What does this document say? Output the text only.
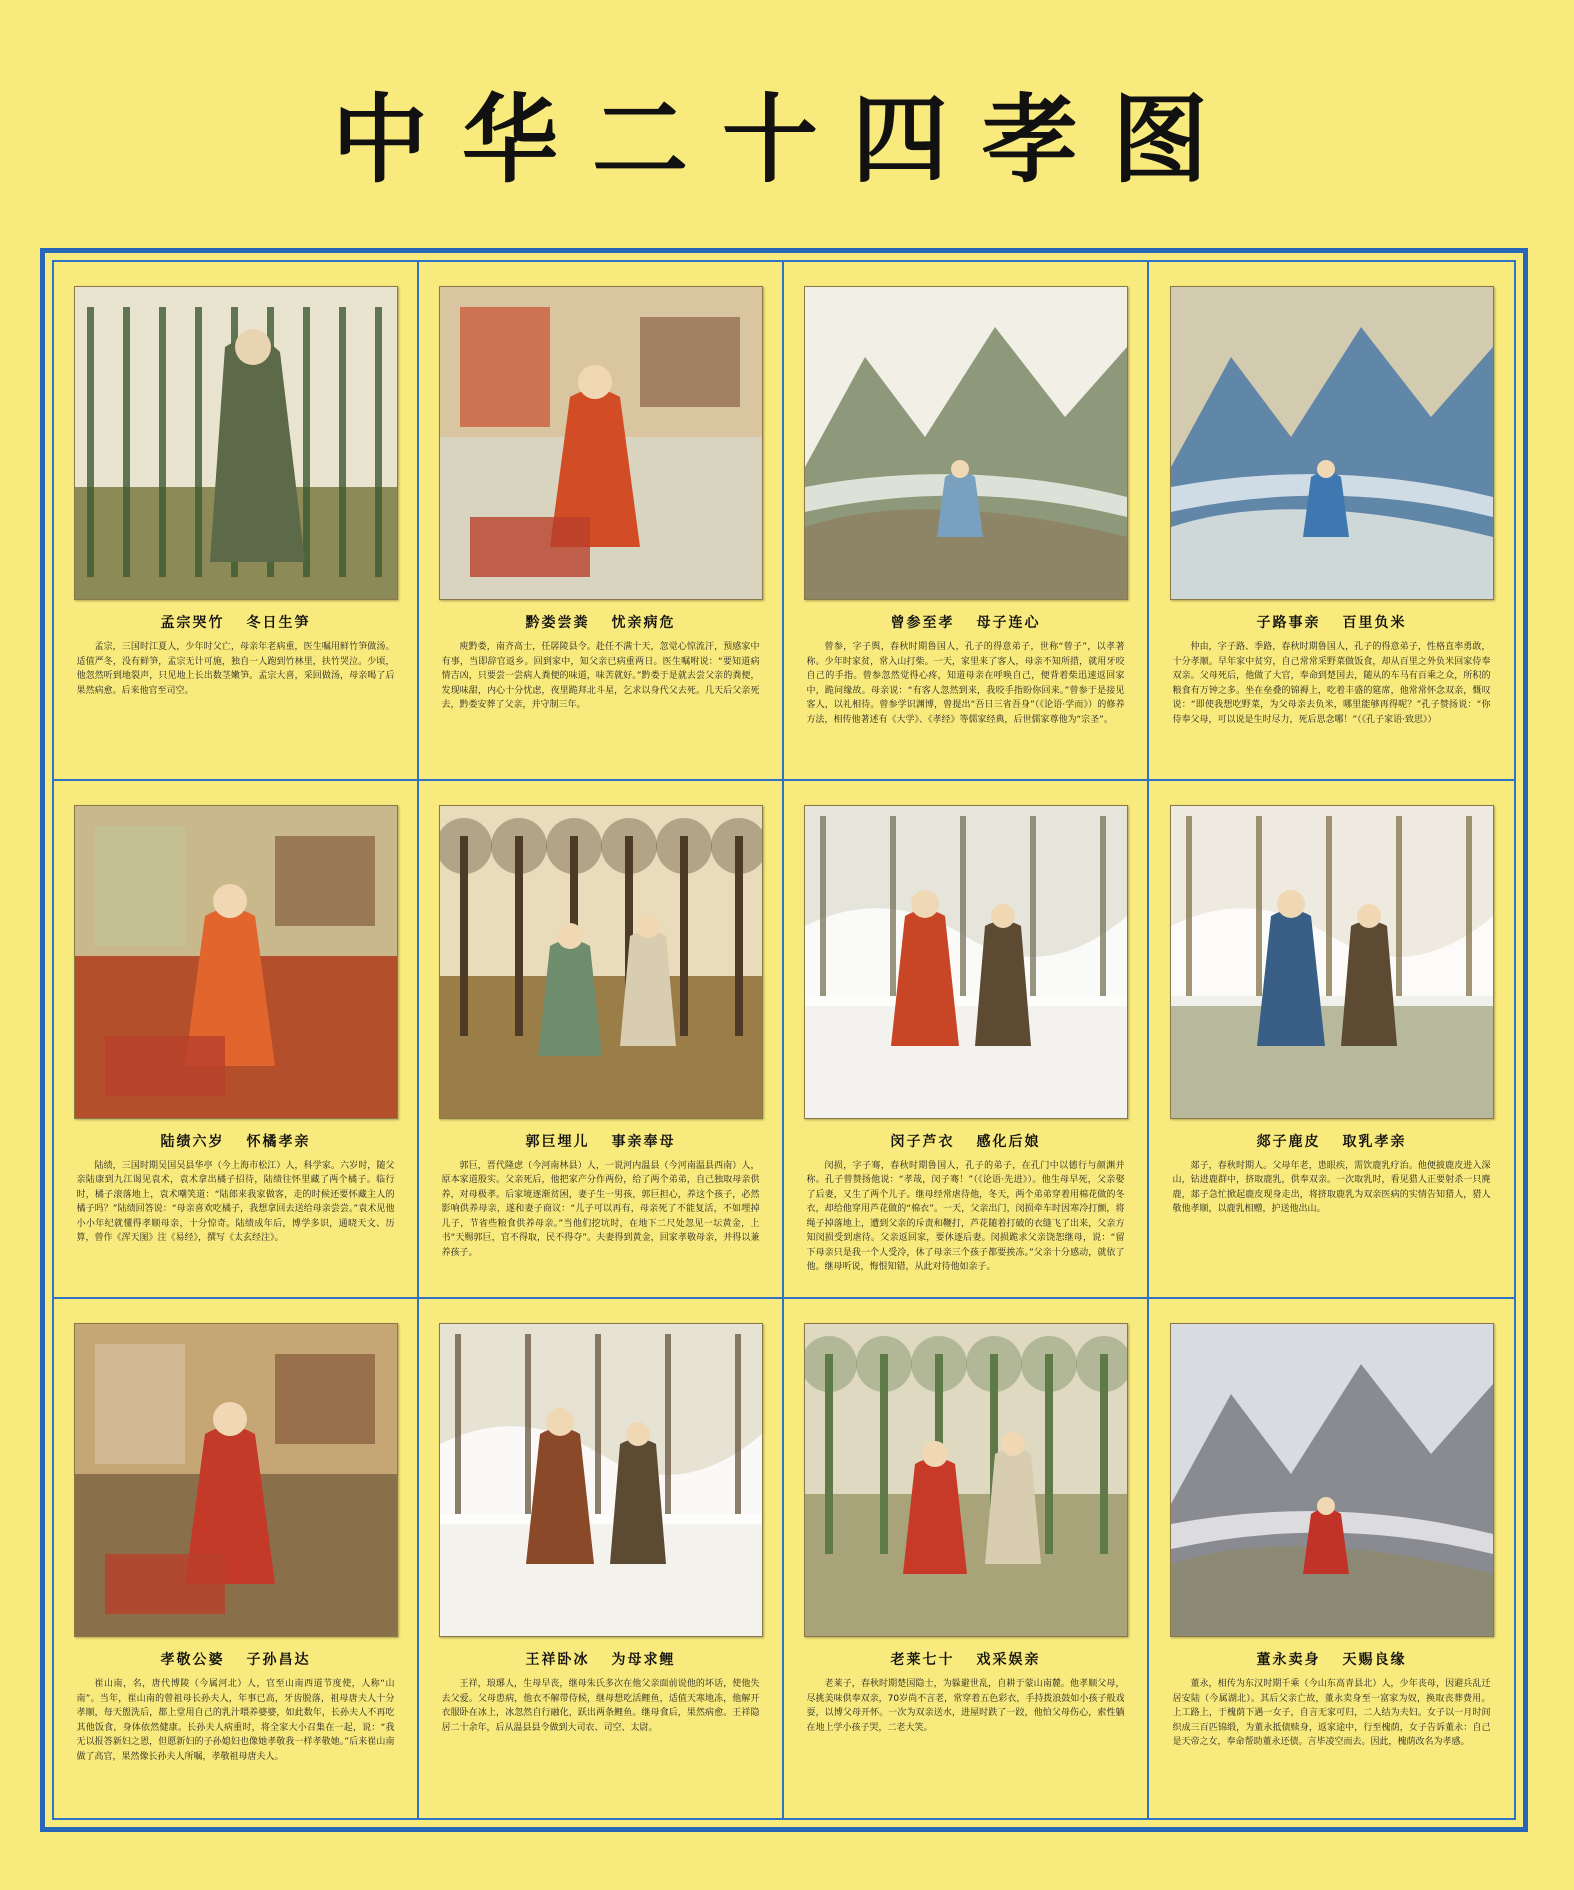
中华二十四孝图
孟宗哭竹 冬日生笋
孟宗，三国时江夏人，少年时父亡，母亲年老病重，医生嘱用鲜竹笋做汤。适值严冬，没有鲜笋，孟宗无计可施，独自一人跑到竹林里，扶竹哭泣。少顷，他忽然听到地裂声，只见地上长出数茎嫩笋。孟宗大喜，采回做汤，母亲喝了后果然病愈。后来他官至司空。
黔娄尝粪 忧亲病危
庾黔娄，南齐高士，任孱陵县令。赴任不满十天，忽觉心惊流汗，预感家中有事，当即辞官返乡。回到家中，知父亲已病重两日。医生嘱咐说：“要知道病情吉凶，只要尝一尝病人粪便的味道，味苦就好。”黔娄于是就去尝父亲的粪便，发现味甜，内心十分忧虑，夜里跪拜北斗星，乞求以身代父去死。几天后父亲死去，黔娄安葬了父亲，并守制三年。
曾参至孝 母子连心
曾参，字子舆，春秋时期鲁国人，孔子的得意弟子，世称“曾子”，以孝著称。少年时家贫，常入山打柴。一天，家里来了客人，母亲不知所措，就用牙咬自己的手指。曾参忽然觉得心疼，知道母亲在呼唤自己，便背着柴迅速返回家中，跪问缘故。母亲说：“有客人忽然到来，我咬手指盼你回来。”曾参于是接见客人，以礼相待。曾参学识渊博，曾提出“吾日三省吾身”（《论语·学而》）的修养方法，相传他著述有《大学》、《孝经》等儒家经典，后世儒家尊他为“宗圣”。
子路事亲 百里负米
仲由，字子路、季路，春秋时期鲁国人，孔子的得意弟子，性格直率勇敢，十分孝顺。早年家中贫穷，自己常常采野菜做饭食，却从百里之外负米回家侍奉双亲。父母死后，他做了大官，奉命到楚国去，随从的车马有百乘之众，所积的粮食有万钟之多。坐在垒叠的锦褥上，吃着丰盛的筵席，他常常怀念双亲，慨叹说：“即使我想吃野菜，为父母亲去负米，哪里能够再得呢？”孔子赞扬说：“你侍奉父母，可以说是生时尽力，死后思念哪！”（《孔子家语·致思》）
陆绩六岁 怀橘孝亲
陆绩，三国时期吴国吴县华亭（今上海市松江）人，科学家。六岁时，随父亲陆康到九江谒见袁术，袁术拿出橘子招待，陆绩往怀里藏了两个橘子。临行时，橘子滚落地上，袁术嘲笑道：“陆郎来我家做客，走的时候还要怀藏主人的橘子吗？”陆绩回答说：“母亲喜欢吃橘子，我想拿回去送给母亲尝尝。”袁术见他小小年纪就懂得孝顺母亲，十分惊奇。陆绩成年后，博学多识，通晓天文、历算，曾作《浑天图》注《易经》，撰写《太玄经注》。
郭巨埋儿 事亲奉母
郭巨，晋代隆虑（今河南林县）人，一说河内温县（今河南温县西南）人，原本家道殷实。父亲死后，他把家产分作两份，给了两个弟弟，自己独取母亲供养，对母极孝。后家境逐渐贫困，妻子生一男孩，郭巨担心，养这个孩子，必然影响供养母亲，遂和妻子商议：“儿子可以再有，母亲死了不能复活，不如埋掉儿子，节省些粮食供养母亲。”当他们挖坑时，在地下二尺处忽见一坛黄金，上书“天赐郭巨，官不得取，民不得夺”。夫妻得到黄金，回家孝敬母亲，并得以兼养孩子。
闵子芦衣 感化后娘
闵损，字子骞，春秋时期鲁国人，孔子的弟子，在孔门中以德行与颜渊并称。孔子曾赞扬他说：“孝哉，闵子骞！”（《论语·先进》）。他生母早死，父亲娶了后妻，又生了两个儿子。继母经常虐待他，冬天，两个弟弟穿着用棉花做的冬衣，却给他穿用芦花做的“棉衣”。一天，父亲出门，闵损牵车时因寒冷打颤，将绳子掉落地上，遭到父亲的斥责和鞭打，芦花随着打破的衣缝飞了出来，父亲方知闵损受到虐待。父亲返回家，要休逐后妻。闵损跪求父亲饶恕继母，说：“留下母亲只是我一个人受冷，休了母亲三个孩子都要挨冻。”父亲十分感动，就依了他。继母听说，悔恨知错，从此对待他如亲子。
郯子鹿皮 取乳孝亲
郯子，春秋时期人。父母年老，患眼疾，需饮鹿乳疗治。他便披鹿皮进入深山，钻进鹿群中，挤取鹿乳，供奉双亲。一次取乳时，看见猎人正要射杀一只麂鹿，郯子急忙掀起鹿皮现身走出，将挤取鹿乳为双亲医病的实情告知猎人，猎人敬他孝顺，以鹿乳相赠，护送他出山。
孝敬公婆 子孙昌达
崔山南，名，唐代博陵（今属河北）人，官至山南西道节度使，人称“山南”。当年，崔山南的曾祖母长孙夫人，年事已高，牙齿脱落，祖母唐夫人十分孝顺，每天盥洗后，都上堂用自己的乳汁喂养婆婆，如此数年，长孙夫人不再吃其他饭食，身体依然健康。长孙夫人病重时，将全家大小召集在一起，说：“我无以报答新妇之恩，但愿新妇的子孙媳妇也像她孝敬我一样孝敬她。”后来崔山南做了高官，果然像长孙夫人所嘱，孝敬祖母唐夫人。
王祥卧冰 为母求鲤
王祥，琅琊人，生母早丧，继母朱氏多次在他父亲面前说他的坏话，使他失去父爱。父母患病，他衣不解带侍候，继母想吃活鲤鱼，适值天寒地冻，他解开衣服卧在冰上，冰忽然自行融化，跃出两条鲤鱼。继母食后，果然病愈。王祥隐居二十余年，后从温县县令做到大司农、司空、太尉。
老莱七十 戏采娱亲
老莱子，春秋时期楚国隐士，为躲避世乱，自耕于蒙山南麓。他孝顺父母，尽挑美味供奉双亲，70岁尚不言老，常穿着五色彩衣，手持拨浪鼓如小孩子般戏耍，以博父母开怀。一次为双亲送水，进屋时跌了一跤，他怕父母伤心，索性躺在地上学小孩子哭，二老大笑。
董永卖身 天赐良缘
董永，相传为东汉时期千乘（今山东高青县北）人，少年丧母，因避兵乱迁居安陆（今属湖北）。其后父亲亡故，董永卖身至一富家为奴，换取丧葬费用。上工路上，于槐荫下遇一女子，自言无家可归，二人结为夫妇。女子以一月时间织成三百匹锦缎，为董永抵债赎身，返家途中，行至槐荫，女子告诉董永：自己是天帝之女，奉命帮助董永还债。言毕凌空而去。因此，槐荫改名为孝感。
